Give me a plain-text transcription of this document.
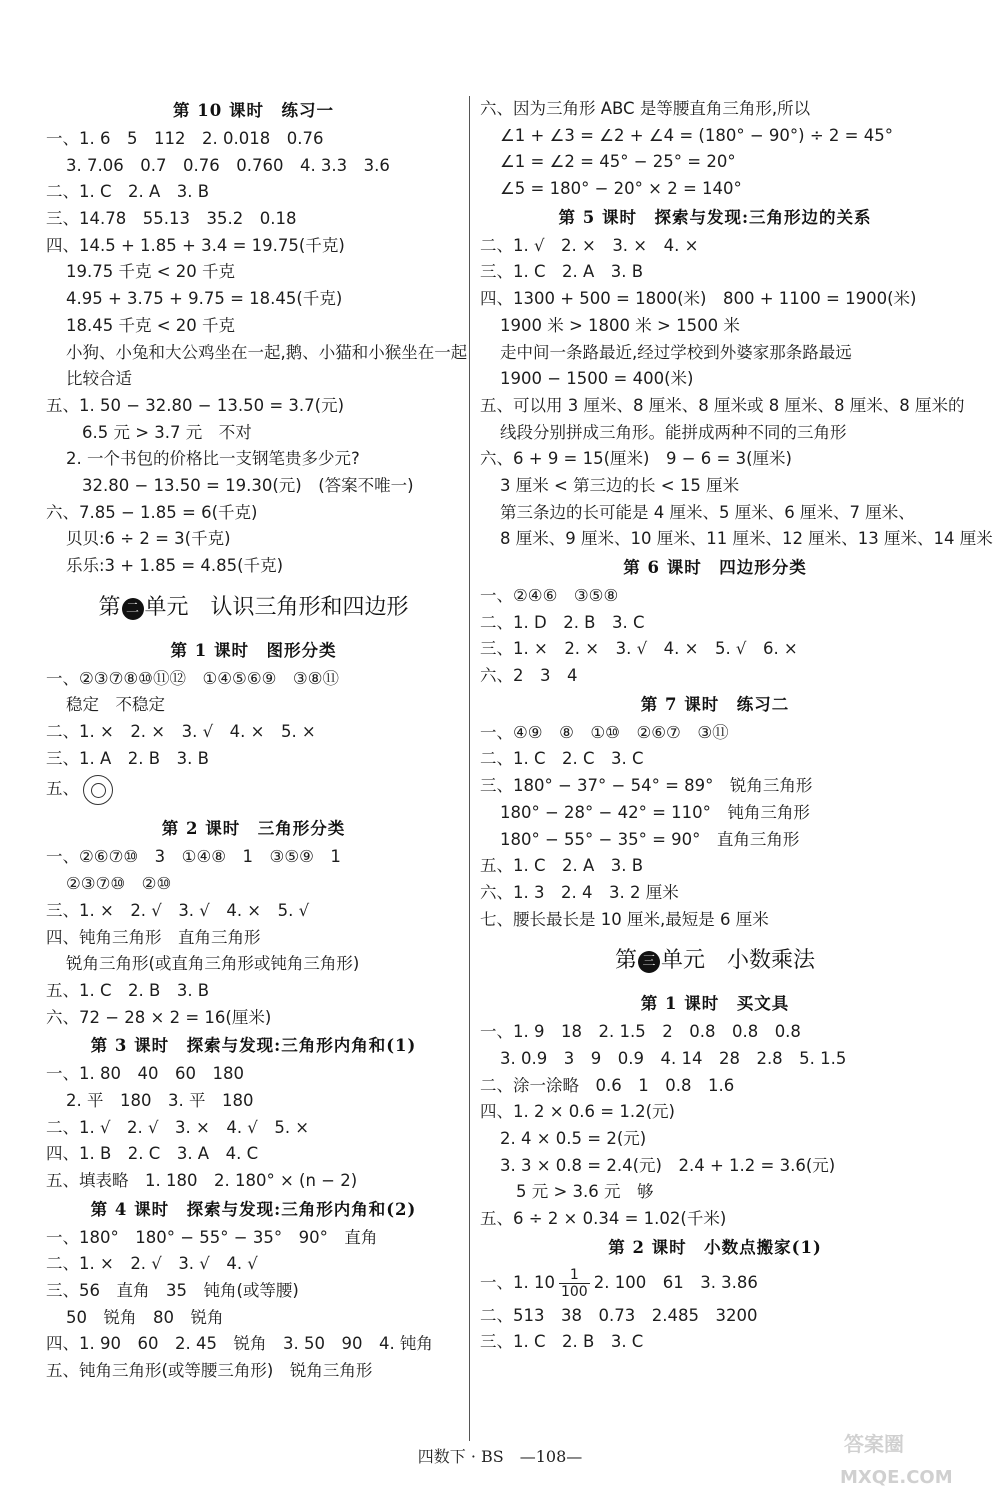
第 10 课时　练习一
一、1. 6　5　112　2. 0.018　0.76
3. 7.06　0.7　0.76　0.760　4. 3.3　3.6
二、1. C　2. A　3. B
三、14.78　55.13　35.2　0.18
四、14.5 + 1.85 + 3.4 = 19.75(千克)
19.75 千克 < 20 千克
4.95 + 3.75 + 9.75 = 18.45(千克)
18.45 千克 < 20 千克
小狗、小兔和大公鸡坐在一起,鹅、小猫和小猴坐在一起
比较合适
五、1. 50 − 32.80 − 13.50 = 3.7(元)
6.5 元 > 3.7 元　不对
2. 一个书包的价格比一支钢笔贵多少元?
32.80 − 13.50 = 19.30(元)　(答案不唯一)
六、7.85 − 1.85 = 6(千克)
贝贝:6 ÷ 2 = 3(千克)
乐乐:3 + 1.85 = 4.85(千克)
第 二 单元　认识三角形和四边形
第 1 课时　图形分类
一、②③⑦⑧⑩⑪⑫　①④⑤⑥⑨　③⑧⑪
稳定　不稳定
二、1. ×　2. ×　3. √　4. ×　5. ×
三、1. A　2. B　3. B
五、
第 2 课时　三角形分类
一、②⑥⑦⑩　3　①④⑧　1　③⑤⑨　1
②③⑦⑩　②⑩
三、1. ×　2. √　3. √　4. ×　5. √
四、钝角三角形　直角三角形
锐角三角形(或直角三角形或钝角三角形)
五、1. C　2. B　3. B
六、72 − 28 × 2 = 16(厘米)
第 3 课时　探索与发现:三角形内角和(1)
一、1. 80　40　60　180
2. 平　180　3. 平　180
二、1. √　2. √　3. ×　4. √　5. ×
四、1. B　2. C　3. A　4. C
五、填表略　1. 180　2. 180° × (n − 2)
第 4 课时　探索与发现:三角形内角和(2)
一、180°　180° − 55° − 35°　90°　直角
二、1. ×　2. √　3. √　4. √
三、56　直角　35　钝角(或等腰)
50　锐角　80　锐角
四、1. 90　60　2. 45　锐角　3. 50　90　4. 钝角
五、钝角三角形(或等腰三角形)　锐角三角形
六、因为三角形 ABC 是等腰直角三角形,所以
∠1 + ∠3 = ∠2 + ∠4 = (180° − 90°) ÷ 2 = 45°
∠1 = ∠2 = 45° − 25° = 20°
∠5 = 180° − 20° × 2 = 140°
第 5 课时　探索与发现:三角形边的关系
二、1. √　2. ×　3. ×　4. ×
三、1. C　2. A　3. B
四、1300 + 500 = 1800(米)　800 + 1100 = 1900(米)
1900 米 > 1800 米 > 1500 米
走中间一条路最近,经过学校到外婆家那条路最远
1900 − 1500 = 400(米)
五、可以用 3 厘米、8 厘米、8 厘米或 8 厘米、8 厘米、8 厘米的
线段分别拼成三角形。能拼成两种不同的三角形
六、6 + 9 = 15(厘米)　9 − 6 = 3(厘米)
3 厘米 < 第三边的长 < 15 厘米
第三条边的长可能是 4 厘米、5 厘米、6 厘米、7 厘米、
8 厘米、9 厘米、10 厘米、11 厘米、12 厘米、13 厘米、14 厘米
第 6 课时　四边形分类
一、②④⑥　③⑤⑧
二、1. D　2. B　3. C
三、1. ×　2. ×　3. √　4. ×　5. √　6. ×
六、2　3　4
第 7 课时　练习二
一、④⑨　⑧　①⑩　②⑥⑦　③⑪
二、1. C　2. C　3. C
三、180° − 37° − 54° = 89°　锐角三角形
180° − 28° − 42° = 110°　钝角三角形
180° − 55° − 35° = 90°　直角三角形
五、1. C　2. A　3. B
六、1. 3　2. 4　3. 2 厘米
七、腰长最长是 10 厘米,最短是 6 厘米
第 三 单元　小数乘法
第 1 课时　买文具
一、1. 9　18　2. 1.5　2　0.8　0.8　0.8
3. 0.9　3　9　0.9　4. 14　28　2.8　5. 1.5
二、涂一涂略　0.6　1　0.8　1.6
四、1. 2 × 0.6 = 1.2(元)
2. 4 × 0.5 = 2(元)
3. 3 × 0.8 = 2.4(元)　2.4 + 1.2 = 3.6(元)
5 元 > 3.6 元　够
五、6 ÷ 2 × 0.34 = 1.02(千米)
第 2 课时　小数点搬家(1)
一、1. $10 \frac{1}{100} 2$. 100　61　3. 3.86
二、513　38　0.73　2.485　3200
三、1. C　2. B　3. C
四数下 · BS　—108—
答案圈
MXQE.COM
